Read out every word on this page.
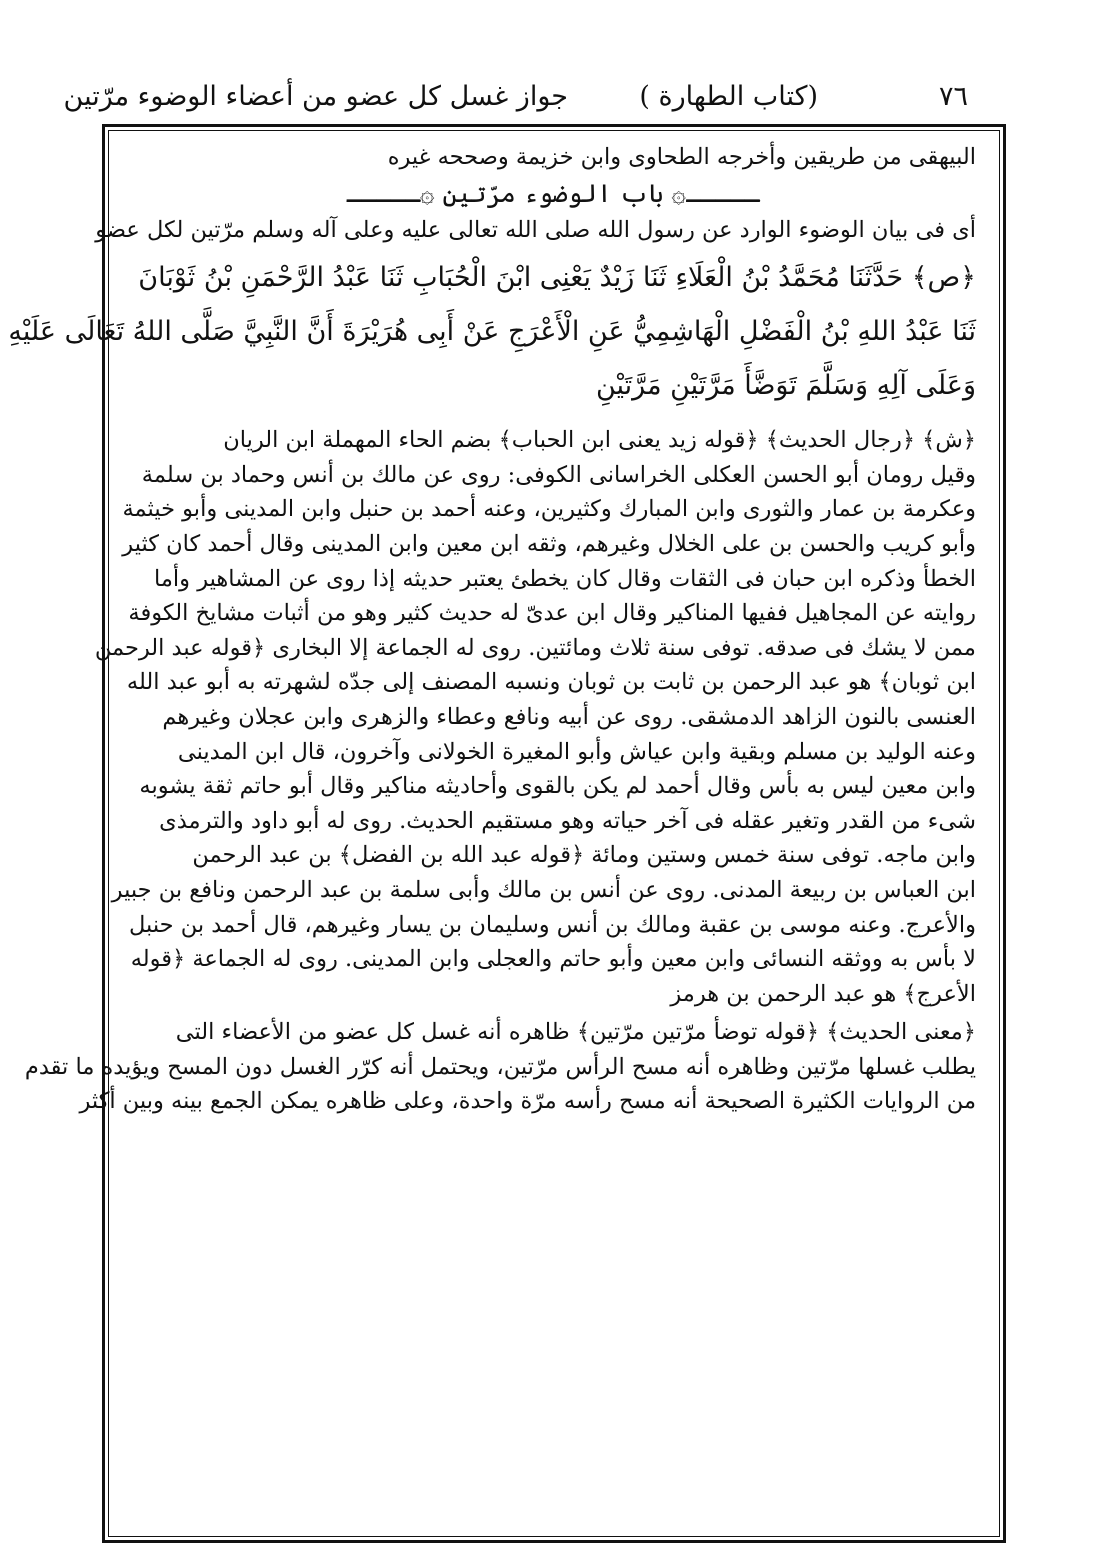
٧٦
(كتاب الطهارة )
جواز غسل كل عضو من أعضاء الوضوء مرّتين
البيهقى من طريقين وأخرجه الطحاوى وابن خزيمة وصححه غيره
ـــــ۞ باب الوضوء مرّتين ۞ـــــ
أى فى بيان الوضوء الوارد عن رسول الله صلى الله تعالى عليه وعلى آله وسلم مرّتين لكل عضو
﴿ص﴾ حَدَّثَنَا مُحَمَّدُ بْنُ الْعَلَاءِ ثَنَا زَيْدٌ يَعْنِى ابْنَ الْحُبَابِ ثَنَا عَبْدُ الرَّحْمَنِ بْنُ ثَوْبَانَ
ثَنَا عَبْدُ اللهِ بْنُ الْفَضْلِ الْهَاشِمِيُّ عَنِ الْأَعْرَجِ عَنْ أَبِى هُرَيْرَةَ أَنَّ النَّبِيَّ صَلَّى اللهُ تَعَالَى عَلَيْهِ
وَعَلَى آلِهِ وَسَلَّمَ تَوَضَّأَ مَرَّتَيْنِ مَرَّتَيْنِ
﴿ش﴾ ﴿رجال الحديث﴾ ﴿قوله زيد يعنى ابن الحباب﴾ بضم الحاء المهملة ابن الريان
وقيل رومان أبو الحسن العكلى الخراسانى الكوفى: روى عن مالك بن أنس وحماد بن سلمة
وعكرمة بن عمار والثورى وابن المبارك وكثيرين، وعنه أحمد بن حنبل وابن المدينى وأبو خيثمة
وأبو كريب والحسن بن على الخلال وغيرهم، وثقه ابن معين وابن المدينى وقال أحمد كان كثير
الخطأ وذكره ابن حبان فى الثقات وقال كان يخطئ يعتبر حديثه إذا روى عن المشاهير وأما
روايته عن المجاهيل ففيها المناكير وقال ابن عدىّ له حديث كثير وهو من أثبات مشايخ الكوفة
ممن لا يشك فى صدقه. توفى سنة ثلاث ومائتين. روى له الجماعة إلا البخارى ﴿قوله عبد الرحمن
ابن ثوبان﴾ هو عبد الرحمن بن ثابت بن ثوبان ونسبه المصنف إلى جدّه لشهرته به أبو عبد الله
العنسى بالنون الزاهد الدمشقى. روى عن أبيه ونافع وعطاء والزهرى وابن عجلان وغيرهم
وعنه الوليد بن مسلم وبقية وابن عياش وأبو المغيرة الخولانى وآخرون، قال ابن المدينى
وابن معين ليس به بأس وقال أحمد لم يكن بالقوى وأحاديثه مناكير وقال أبو حاتم ثقة يشوبه
شىء من القدر وتغير عقله فى آخر حياته وهو مستقيم الحديث. روى له أبو داود والترمذى
وابن ماجه. توفى سنة خمس وستين ومائة ﴿قوله عبد الله بن الفضل﴾ بن عبد الرحمن
ابن العباس بن ربيعة المدنى. روى عن أنس بن مالك وأبى سلمة بن عبد الرحمن ونافع بن جبير
والأعرج. وعنه موسى بن عقبة ومالك بن أنس وسليمان بن يسار وغيرهم، قال أحمد بن حنبل
لا بأس به ووثقه النسائى وابن معين وأبو حاتم والعجلى وابن المدينى. روى له الجماعة ﴿قوله
الأعرج﴾ هو عبد الرحمن بن هرمز
﴿معنى الحديث﴾ ﴿قوله توضأ مرّتين مرّتين﴾ ظاهره أنه غسل كل عضو من الأعضاء التى
يطلب غسلها مرّتين وظاهره أنه مسح الرأس مرّتين، ويحتمل أنه كرّر الغسل دون المسح ويؤيده ما تقدم
من الروايات الكثيرة الصحيحة أنه مسح رأسه مرّة واحدة، وعلى ظاهره يمكن الجمع بينه وبين أكثر
